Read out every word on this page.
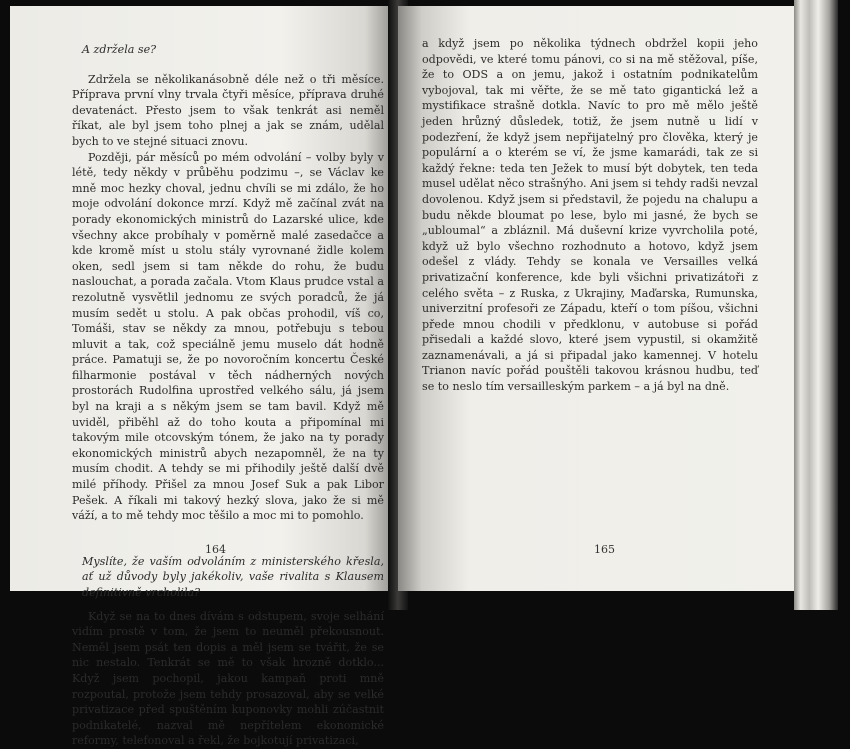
A zdržela se?

Zdržela se několikanásobně déle než o tři měsíce. Příprava první vlny trvala čtyři měsíce, příprava druhé devatenáct. Přesto jsem to však tenkrát asi neměl říkat, ale byl jsem toho plnej a jak se znám, udělal bych to ve stejné situaci znovu.

Později, pár měsíců po mém odvolání – volby byly v létě, tedy někdy v průběhu podzimu –, se Václav ke mně moc hezky choval, jednu chvíli se mi zdálo, že ho moje odvolání dokonce mrzí. Když mě začínal zvát na porady ekonomických ministrů do Lazarské ulice, kde všechny akce probíhaly v poměrně malé zasedačce a kde kromě míst u stolu stály vyrovnané židle kolem oken, sedl jsem si tam někde do rohu, že budu naslouchat, a porada začala. Vtom Klaus prudce vstal a rezolutně vysvětlil jednomu ze svých poradců, že já musím sedět u stolu. A pak občas prohodil, víš co, Tomáši, stav se někdy za mnou, potřebuju s tebou mluvit a tak, což speciálně jemu muselo dát hodně práce. Pamatuji se, že po novoročním koncertu České filharmonie postával v těch nádherných nových prostorách Rudolfina uprostřed velkého sálu, já jsem byl na kraji a s někým jsem se tam bavil. Když mě uviděl, přiběhl až do toho kouta a připomínal mi takovým mile otcovským tónem, že jako na ty porady ekonomických ministrů abych nezapomněl, že na ty musím chodit. A tehdy se mi přihodily ještě další dvě milé příhody. Přišel za mnou Josef Suk a pak Libor Pešek. A říkali mi takový hezký slova, jako že si mě váží, a to mě tehdy moc těšilo a moc mi to pomohlo.

Myslíte, že vaším odvoláním z ministerského křesla, ať už důvody byly jakékoliv, vaše rivalita s Klausem definitivně vrcholila?

Když se na to dnes dívám s odstupem, svoje selhání vidím prostě v tom, že jsem to neuměl překousnout. Neměl jsem psát ten dopis a měl jsem se tvářit, že se nic nestalo. Tenkrát se mě to však hrozně dotklo... Když jsem pochopil, jakou kampaň proti mně rozpoutal, protože jsem tehdy prosazoval, aby se velké privatizace před spuštěním kuponovky mohli zúčastnit podnikatelé, nazval mě nepřítelem ekonomické reformy, telefonoval a řekl, že bojkotují privatizaci,

164

a když jsem po několika týdnech obdržel kopii jeho odpovědi, ve které tomu pánovi, co si na mě stěžoval, píše, že to ODS a on jemu, jakož i ostatním podnikatelům vybojoval, tak mi věřte, že se mě tato gigantická lež a mystifikace strašně dotkla. Navíc to pro mě mělo ještě jeden hrůzný důsledek, totiž, že jsem nutně u lidí v podezření, že když jsem nepřijatelný pro člověka, který je populární a o kterém se ví, že jsme kamarádi, tak ze si každý řekne: teda ten Ježek to musí být dobytek, ten teda musel udělat něco strašnýho. Ani jsem si tehdy radši nevzal dovolenou. Když jsem si představil, že pojedu na chalupu a budu někde bloumat po lese, bylo mi jasné, že bych se „ubloumal“ a zbláznil. Má duševní krize vyvrcholila poté, když už bylo všechno rozhodnuto a hotovo, když jsem odešel z vlády. Tehdy se konala ve Versailles velká privatizační konference, kde byli všichni privatizátoři z celého světa – z Ruska, z Ukrajiny, Maďarska, Rumunska, univerzitní profesoři ze Západu, kteří o tom píšou, všichni přede mnou chodili v předklonu, v autobuse si pořád přisedali a každé slovo, které jsem vypustil, si okamžitě zaznamenávali, a já si připadal jako kamennej. V hotelu Trianon navíc pořád pouštěli takovou krásnou hudbu, teď se to neslo tím versailleským parkem – a já byl na dně.

165
